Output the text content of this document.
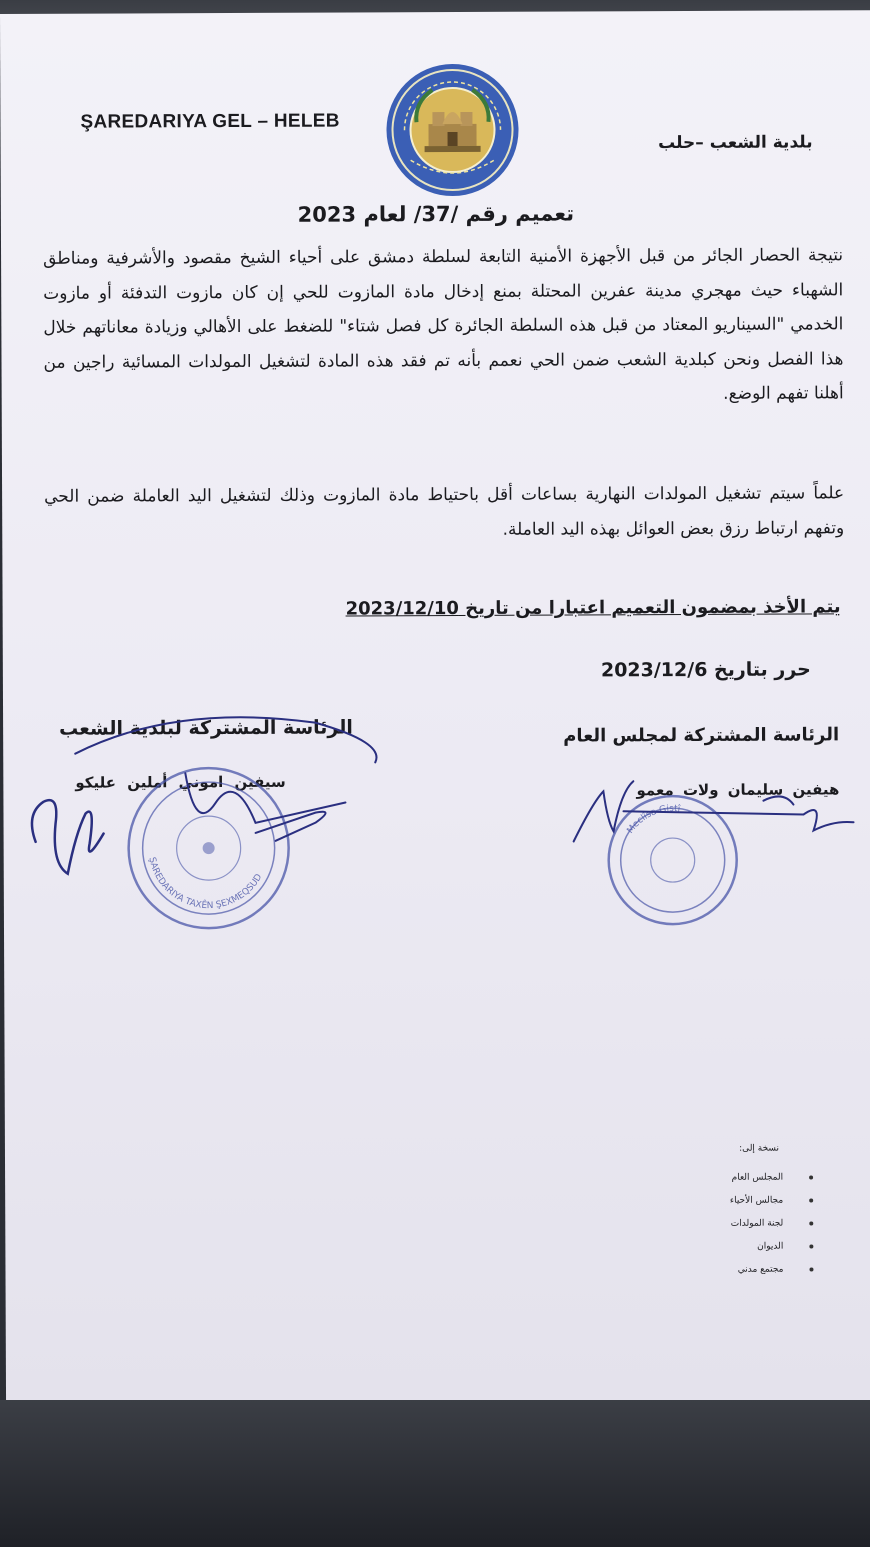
ŞAREDARIYA GEL – HELEB
بلدية الشعب –حلب
تعميم رقم /37/ لعام 2023
نتيجة الحصار الجائر من قبل الأجهزة الأمنية التابعة لسلطة دمشق على أحياء الشيخ مقصود والأشرفية ومناطق الشهباء حيث مهجري مدينة عفرين المحتلة بمنع إدخال مادة المازوت للحي إن كان مازوت التدفئة أو مازوت الخدمي "السيناريو المعتاد من قبل هذه السلطة الجائرة كل فصل شتاء" للضغط على الأهالي وزيادة معاناتهم خلال هذا الفصل ونحن كبلدية الشعب ضمن الحي نعمم بأنه تم فقد هذه المادة لتشغيل المولدات المسائية راجين من أهلنا تفهم الوضع.
علماً سيتم تشغيل المولدات النهارية بساعات أقل باحتياط مادة المازوت وذلك لتشغيل اليد العاملة ضمن الحي وتفهم ارتباط رزق بعض العوائل بهذه اليد العاملة.
يتم الأخذ بمضمون التعميم اعتبارا من تاريخ 2023/12/10
حرر بتاريخ 2023/12/6
الرئاسة المشتركة لمجلس العام
هيفين سليمان ولات معمو
الرئاسة المشتركة لبلدية الشعب
سيفين اموني أملين عليكو
ŞAREDARIYA TAXÊN ŞEXMEQSUD
Meclîsa Giştî
نسخة إلى:
المجلس العام
مجالس الأحياء
لجنة المولدات
الديوان
مجتمع مدني
